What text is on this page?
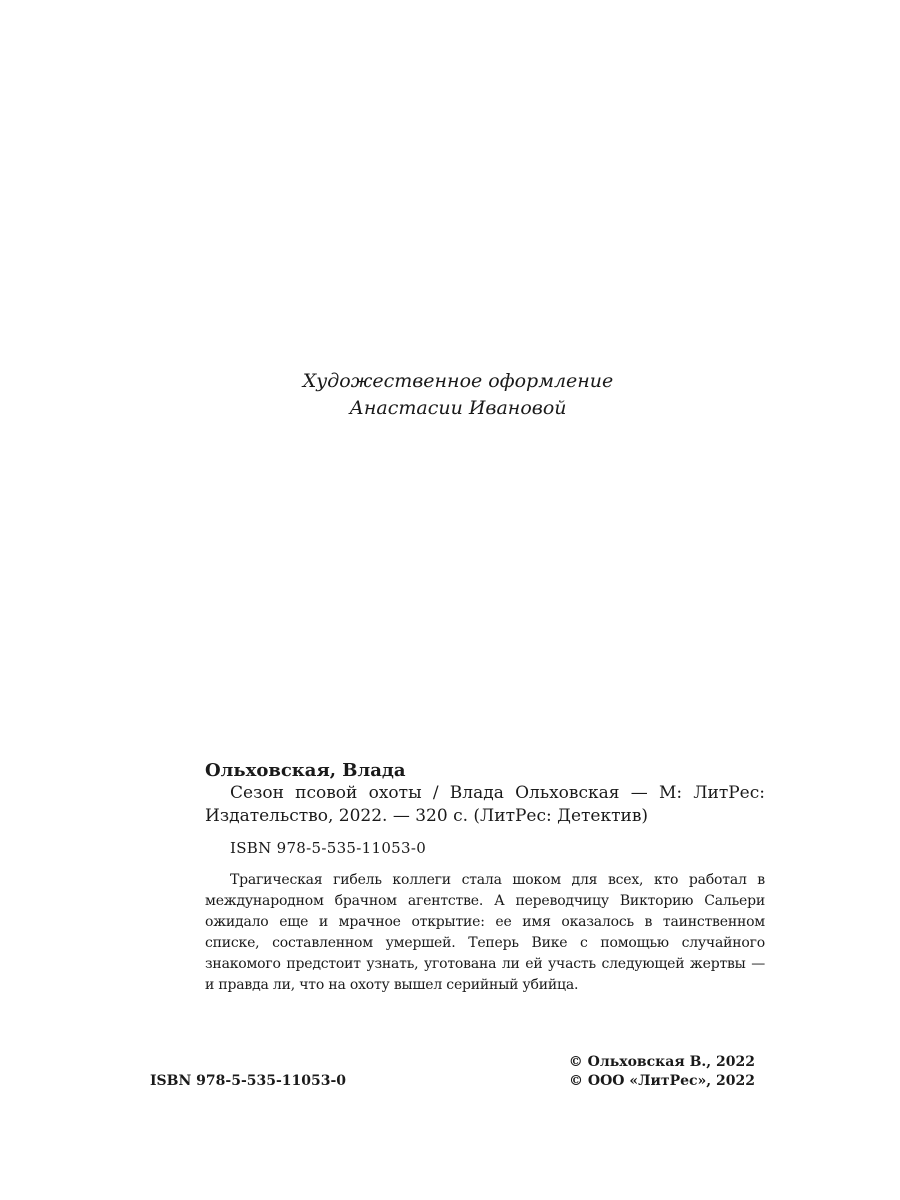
Художественное оформление
Анастасии Ивановой
Ольховская, Влада

Сезон псовой охоты / Влада Ольховская — М: ЛитРес: Издательство, 2022. — 320 с. (ЛитРес: Детектив)

ISBN 978-5-535-11053-0

Трагическая гибель коллеги стала шоком для всех, кто работал в международном брачном агентстве. А переводчицу Викторию Сальери ожидало еще и мрачное открытие: ее имя оказалось в таинственном списке, составленном умершей. Теперь Вике с помощью случайного знакомого предстоит узнать, уготована ли ей участь следующей жертвы — и правда ли, что на охоту вышел серийный убийца.

ISBN 978-5-535-11053-0
© Ольховская В., 2022
© ООО «ЛитРес», 2022
